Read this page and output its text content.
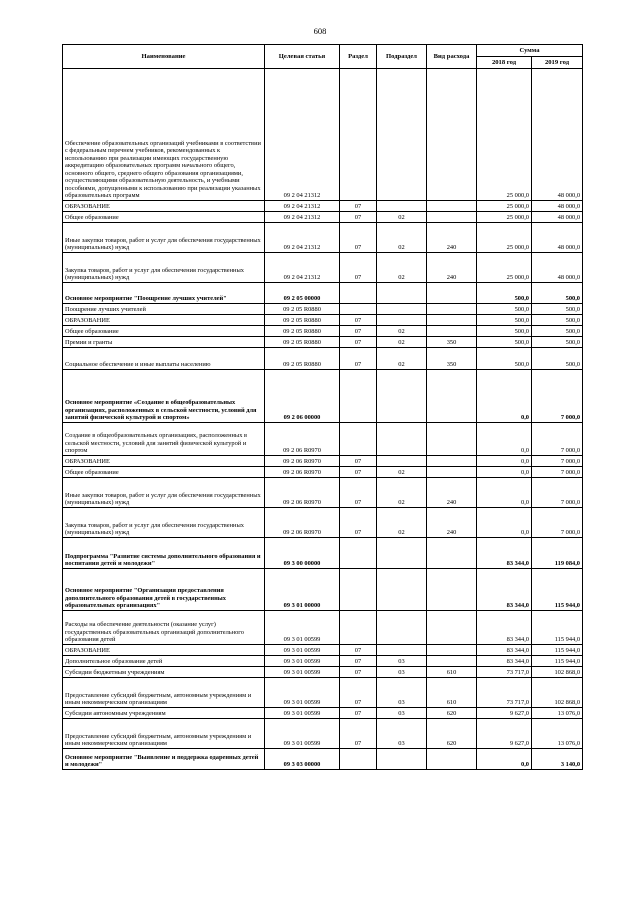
608
Наименование	Целевая статья	Раздел	Подраздел	Вид расхода	Сумма	
					2018 год	2019 год
Обеспечение образовательных организаций учебниками в соответствии с федеральным перечнем учебников, рекомендованных к использованию при реализации имеющих государственную аккредитацию образовательных программ начального общего, основного общего, среднего общего образования организациями, осуществляющими образовательную деятельность, и учебными пособиями, допущенными к использованию при реализации указанных образовательных программ	09 2 04 21312				25 000,0	48 000,0
ОБРАЗОВАНИЕ	09 2 04 21312	07			25 000,0	48 000,0
Общее образование	09 2 04 21312	07	02		25 000,0	48 000,0
Иные закупки товаров, работ и услуг для обеспечения государственных (муниципальных) нужд	09 2 04 21312	07	02	240	25 000,0	48 000,0
Закупка товаров, работ и услуг для обеспечения государственных (муниципальных) нужд	09 2 04 21312	07	02	240	25 000,0	48 000,0
Основное мероприятие "Поощрение лучших учителей"	09 2 05 00000				500,0	500,0
Поощрение лучших учителей	09 2 05 R0880				500,0	500,0
ОБРАЗОВАНИЕ	09 2 05 R0880	07			500,0	500,0
Общее образование	09 2 05 R0880	07	02		500,0	500,0
Премии и гранты	09 2 05 R0880	07	02	350	500,0	500,0
Социальное обеспечение и иные выплаты населению	09 2 05 R0880	07	02	350	500,0	500,0
Основное мероприятие «Создание в общеобразовательных организациях, расположенных в сельской местности, условий для занятий физической культурой и спортом»	09 2 06 00000				0,0	7 000,0
Создание в общеобразовательных организациях, расположенных в сельской местности, условий для занятий физической культурой и спортом	09 2 06 R0970				0,0	7 000,0
ОБРАЗОВАНИЕ	09 2 06 R0970	07			0,0	7 000,0
Общее образование	09 2 06 R0970	07	02		0,0	7 000,0
Иные закупки товаров, работ и услуг для обеспечения государственных (муниципальных) нужд	09 2 06 R0970	07	02	240	0,0	7 000,0
Закупка товаров, работ и услуг для обеспечения государственных (муниципальных) нужд	09 2 06 R0970	07	02	240	0,0	7 000,0
Подпрограмма "Развитие системы дополнительного образования и воспитания детей и молодежи"	09 3 00 00000				83 344,0	119 084,0
Основное мероприятие "Организация предоставления дополнительного образования детей в государственных образовательных организациях"	09 3 01 00000				83 344,0	115 944,0
Расходы на обеспечение деятельности (оказание услуг) государственных образовательных организаций дополнительного образования детей	09 3 01 00599				83 344,0	115 944,0
ОБРАЗОВАНИЕ	09 3 01 00599	07			83 344,0	115 944,0
Дополнительное образование детей	09 3 01 00599	07	03		83 344,0	115 944,0
Субсидии бюджетным учреждениям	09 3 01 00599	07	03	610	73 717,0	102 868,0
Предоставление субсидий бюджетным, автономным учреждениям и иным некоммерческим организациям	09 3 01 00599	07	03	610	73 717,0	102 868,0
Субсидии автономным учреждениям	09 3 01 00599	07	03	620	9 627,0	13 076,0
Предоставление субсидий бюджетным, автономным учреждениям и иным некоммерческим организациям	09 3 01 00599	07	03	620	9 627,0	13 076,0
Основное мероприятие "Выявление и поддержка одаренных детей и молодежи"	09 3 03 00000				0,0	3 140,0
